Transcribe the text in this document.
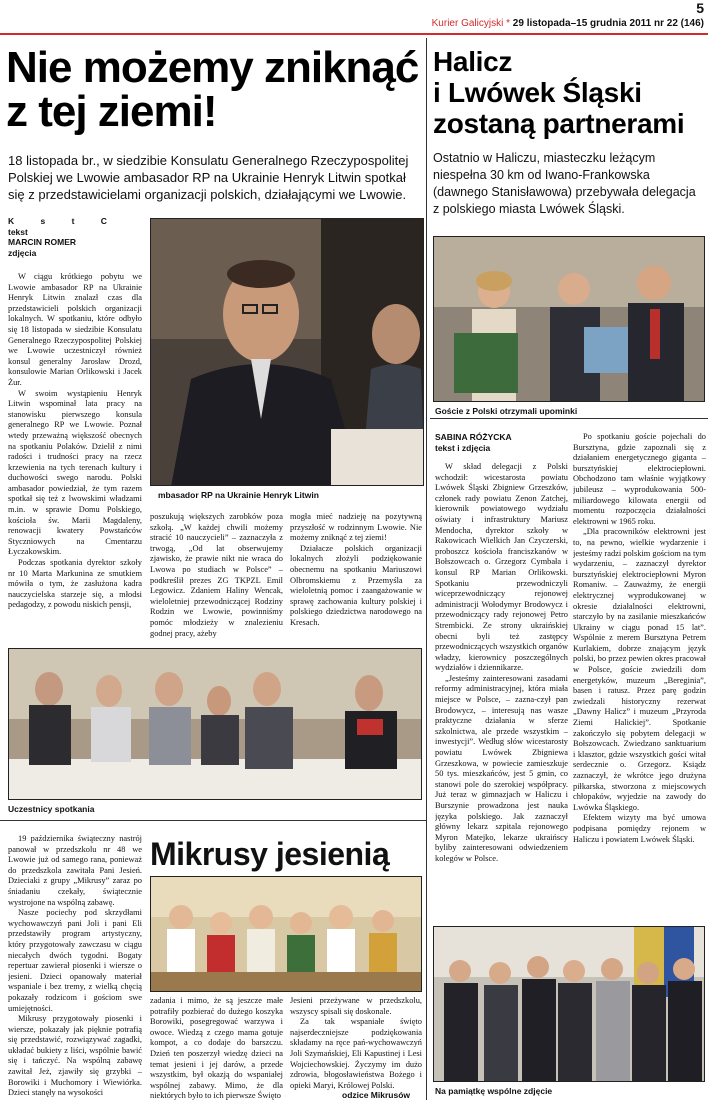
5
Kurier Galicyjski * 29 listopada–15 grudnia 2011 nr 22 (146)
Nie możemy zniknąć z tej ziemi!
18 listopada br., w siedzibie Konsulatu Generalnego Rzeczypospolitej Polskiej we Lwowie ambasador RP na Ukrainie Henryk Litwin spotkał się z przedstawicielami organizacji polskich, działającymi we Lwowie.
K s t C
tekst
MARCIN ROMER
zdjęcia

W ciągu krótkiego pobytu we Lwowie ambasador RP na Ukrainie Henryk Litwin znalazł czas dla przedstawicieli polskich organizacji lokalnych. W spotkaniu, które odbyło się 18 listopada w siedzibie Konsulatu Generalnego Rzeczypospolitej Polskiej we Lwowie uczestniczył również konsul generalny Jarosław Drozd, konsulowie Marian Orlikowski i Jacek Żur.

W swoim wystąpieniu Henryk Litwin wspominał lata pracy na stanowisku pierwszego konsula generalnego RP we Lwowie. Poznał wtedy przeważną większość obecnych na spotkaniu Polaków. Dzielił z nimi radości i trudności pracy na rzecz krzewienia na tych terenach kultury i duchowości swego narodu. Polski ambasador powiedział, że tym razem spotkał się też z lwowskimi władzami m.in. w sprawie Domu Polskiego, kościoła św. Marii Magdaleny, renowacji kwatery Powstańców Styczniowych na Cmentarzu Łyczakowskim.

Podczas spotkania dyrektor szkoły nr 10 Marta Markunina ze smutkiem mówiła o tym, że zasłużona kadra nauczycielska starzeje się, a młodsi pedagodzy, z powodu niskich pensji,

mbasador RP na Ukrainie Henryk Litwin

poszukują większych zarobków poza szkołą. „W każdej chwili możemy stracić 10 nauczycieli” – zaznaczyła z trwogą, „Od lat obserwujemy zjawisko, że prawie nikt nie wraca do Lwowa po studiach w Polsce” – podkreślił prezes ZG TKPZL Emil Legowicz. Zdaniem Haliny Wencak, wieloletniej przewodniczącej Rodziny Rodzin we Lwowie, powinniśmy pomóc młodzieży w znalezieniu godnej pracy, ażeby

mogła mieć nadzieję na pozytywną przyszłość w rodzinnym Lwowie. Nie możemy zniknąć z tej ziemi!

Działacze polskich organizacji lokalnych złożyli podziękowanie obecnemu na spotkaniu Mariuszowi Olbromskiemu z Przemyśla za wieloletnią pomoc i zaangażowanie w sprawę zachowania kultury polskiej i polskiego dziedzictwa narodowego na Kresach.

Uczestnicy spotkania

19 października świąteczny nastrój panował w przedszkolu nr 48 we Lwowie już od samego rana, ponieważ do przedszkola zawitała Pani Jesień. Dzieciaki z grupy „Mikrusy” zaraz po śniadaniu czekały, świątecznie wystrojone na wspólną zabawę.

Nasze pociechy pod skrzydłami wychowawczyń pani Joli i pani Eli przedstawiły program artystyczny, który przygotowały zawczasu w ciągu niecałych dwóch tygodni. Bogaty repertuar zawierał piosenki i wiersze o jesieni. Dzieci opanowały materiał wspaniale i bez tremy, z wielką chęcią pokazały rodzicom i gościom swe umiejętności.

Mikrusy przygotowały piosenki i wiersze, pokazały jak pięknie potrafią się przedstawić, rozwiązywać zagadki, układać bukiety z liści, wspólnie bawić się i tańczyć. Na wspólną zabawę zawitał Jeż, zjawiły się grzybki – Borowiki i Muchomory i Wiewiórka. Dzieci stanęły na wysokości

Mikrusy jesienią

zadania i mimo, że są jeszcze małe potrafiły pozbierać do dużego koszyka Borowiki, posegregować warzywa i owoce. Wiedzą z czego mama gotuje kompot, a co dodaje do barszczu. Dzień ten poszerzył wiedzę dzieci na temat jesieni i jej darów, a przede wszystkim, był okazją do wspaniałej wspólnej zabawy. Mimo, że dla niektórych było to ich pierwsze Święto

Jesieni przeżywane w przedszkolu, wszyscy spisali się doskonale.

Za tak wspaniałe święto najserdeczniejsze podziękowania składamy na ręce pań-wychowawczyń Joli Szymańskiej, Eli Kapustinej i Lesi Wojciechowskiej. Życzymy im dużo zdrowia, błogosławieństwa Bożego i opieki Maryi, Królowej Polski.

odzice Mikrusów
Halicz
i Lwówek Śląski
zostaną partnerami
Ostatnio w Haliczu, miasteczku leżącym niespełna 30 km od Iwano-Frankowska (dawnego Stanisławowa) przebywała delegacja z polskiego miasta Lwówek Śląski.
Goście z Polski otrzymali upominki
SABINA RÓŻYCKA
tekst i zdjęcia

W skład delegacji z Polski wchodził: wicestarosta powiatu Lwówek Śląski Zbigniew Grzeszków, członek rady powiatu Zenon Zatchej, kierownik powiatowego wydziału oświaty i infrastruktury Mariusz Mendocha, dyrektor szkoły w Rakowicach Wielkich Jan Czyczerski, proboszcz kościoła franciszkanów w Bołszowcach o. Grzegorz Cymbała i konsul RP Marian Orlikowski. Spotkaniu przewodniczyli wiceprzewodniczący rejonowej administracji Wołodymyr Brodowycz i przewodniczący rady rejonowej Petro Strembicki. Ze strony ukraińskiej obecni byli też zastępcy przewodniczących wszystkich organów władzy, kierownicy poszczególnych wydziałów i dziennikarze.

„Jesteśmy zainteresowani zasadami reformy administracyjnej, która miała miejsce w Polsce, – zazna-czył pan Brodowycz, – interesują nas wasze praktyczne działania w sferze szkolnictwa, ale przede wszystkim – inwestycji”. Według słów wicestarosty powiatu Lwówek Zbigniewa Grzeszkowa, w powiecie zamieszkuje 50 tys. mieszkańców, jest 5 gmin, co stanowi pole do szerokiej współpracy. Już teraz w gimnazjach w Haliczu i Burszynie prowadzona jest nauka języka polskiego. Jak zaznaczył główny lekarz szpitala rejonowego Myron Matejko, lekarze ukraińscy byliby zainteresowani odwiedzeniem kolegów w Polsce.

Po spotkaniu goście pojechali do Bursztyna, gdzie zapoznali się z działaniem energetycznego giganta – bursztyńskiej elektrociepłowni. Obchodzono tam właśnie wyjątkowy jubileusz – wyprodukowania 500-miliardowego kilowata energii od momentu rozpoczęcia działalności elektrowni w 1965 roku.

„Dla pracowników elektrowni jest to, na pewno, wielkie wydarzenie i jesteśmy radzi polskim gościom na tym wydarzeniu, – zaznaczył dyrektor bursztyńskiej elektrociepłowni Myron Romaniw. – Zauważmy, że energii elektrycznej wyprodukowanej w okresie działalności elektrowni, starczyło by na zasilanie mieszkańców Ukrainy w ciągu ponad 15 lat”. Wspólnie z merem Bursztyna Petrem Kurlakiem, dobrze znającym język polski, bo przez pewien okres pracował w Polsce, goście zwiedzili dom energetyków, muzeum „Bereginia”, basen i ratusz. Przez parę godzin zwiedzali historyczny rezerwat „Dawny Halicz” i muzeum „Przyroda Ziemi Halickiej”. Spotkanie zakończyło się pobytem delegacji w Bołszowcach. Zwiedzano sanktuarium i klasztor, gdzie wszystkich gości witał serdecznie o. Grzegorz. Ksiądz zaznaczył, że wkrótce jego drużyna piłkarska, stworzona z miejscowych chłopaków, wyjedzie na zawody do Lwówka Śląskiego.

Efektem wizyty ma być umowa podpisana pomiędzy rejonem w Haliczu i powiatem Lwówek Śląski.

Na pamiątkę wspólne zdjęcie
